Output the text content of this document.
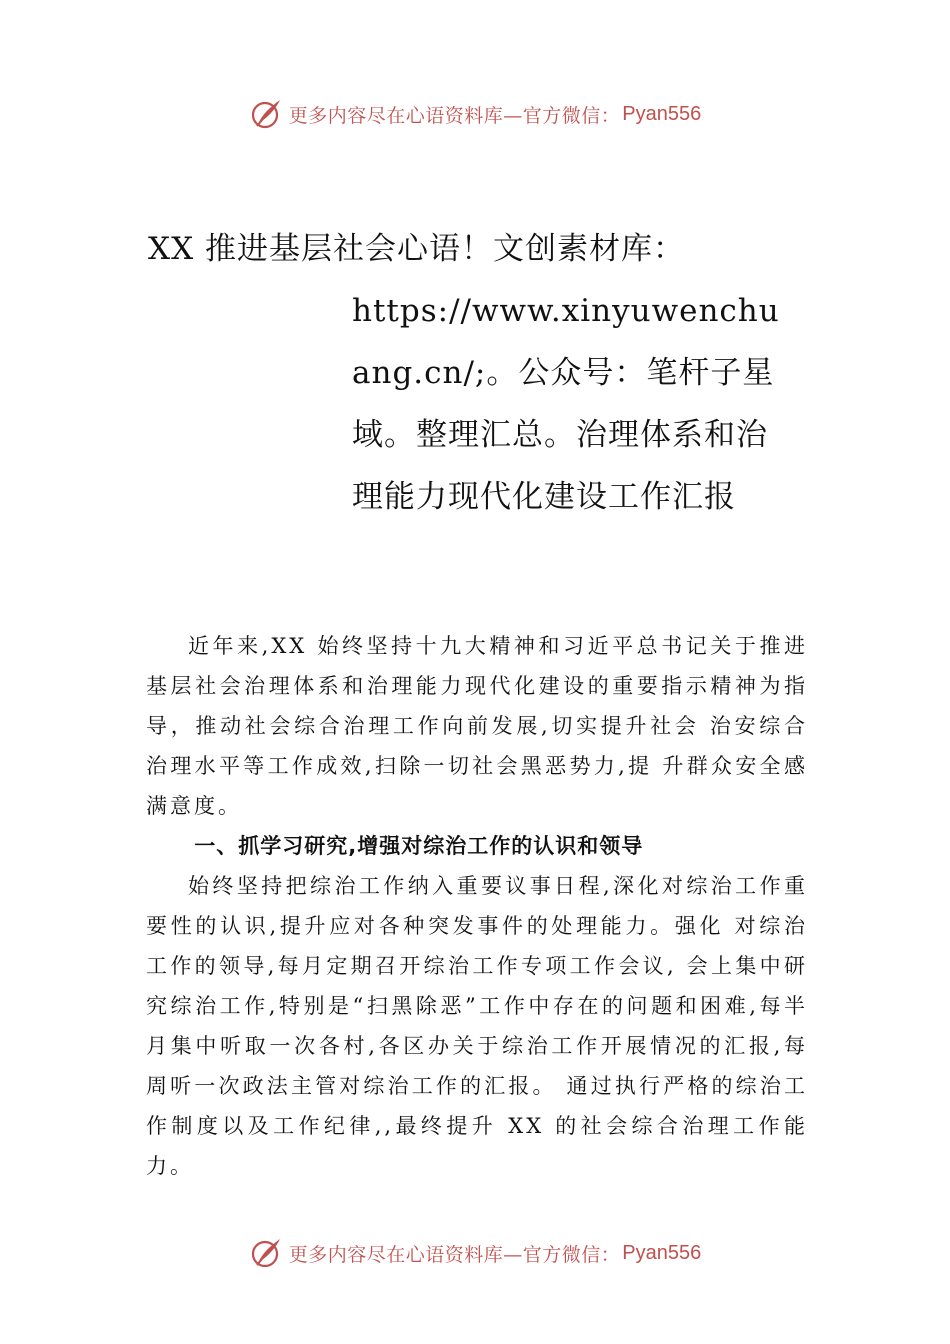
更多内容尽在心语资料库—官方微信： Pyan556
XX 推进基层社会心语！文创素材库：
https://www.xinyuwenchuang.cn/;。公众号：笔杆子星域。整理汇总。治理体系和治理能力现代化建设工作汇报

近年来,XX 始终坚持十九大精神和习近平总书记关于推进基层社会治理体系和治理能力现代化建设的重要指示精神为指导，推动社会综合治理工作向前发展,切实提升社会 治安综合治理水平等工作成效,扫除一切社会黑恶势力,提 升群众安全感满意度。

一、抓学习研究,增强对综治工作的认识和领导

始终坚持把综治工作纳入重要议事日程,深化对综治工作重要性的认识,提升应对各种突发事件的处理能力。强化 对综治工作的领导,每月定期召开综治工作专项工作会议, 会上集中研究综治工作,特别是“扫黑除恶”工作中存在的问题和困难,每半月集中听取一次各村,各区办关于综治工作开展情况的汇报,每周听一次政法主管对综治工作的汇报。 通过执行严格的综治工作制度以及工作纪律,,最终提升 XX 的社会综合治理工作能力。

更多内容尽在心语资料库—官方微信： Pyan556
